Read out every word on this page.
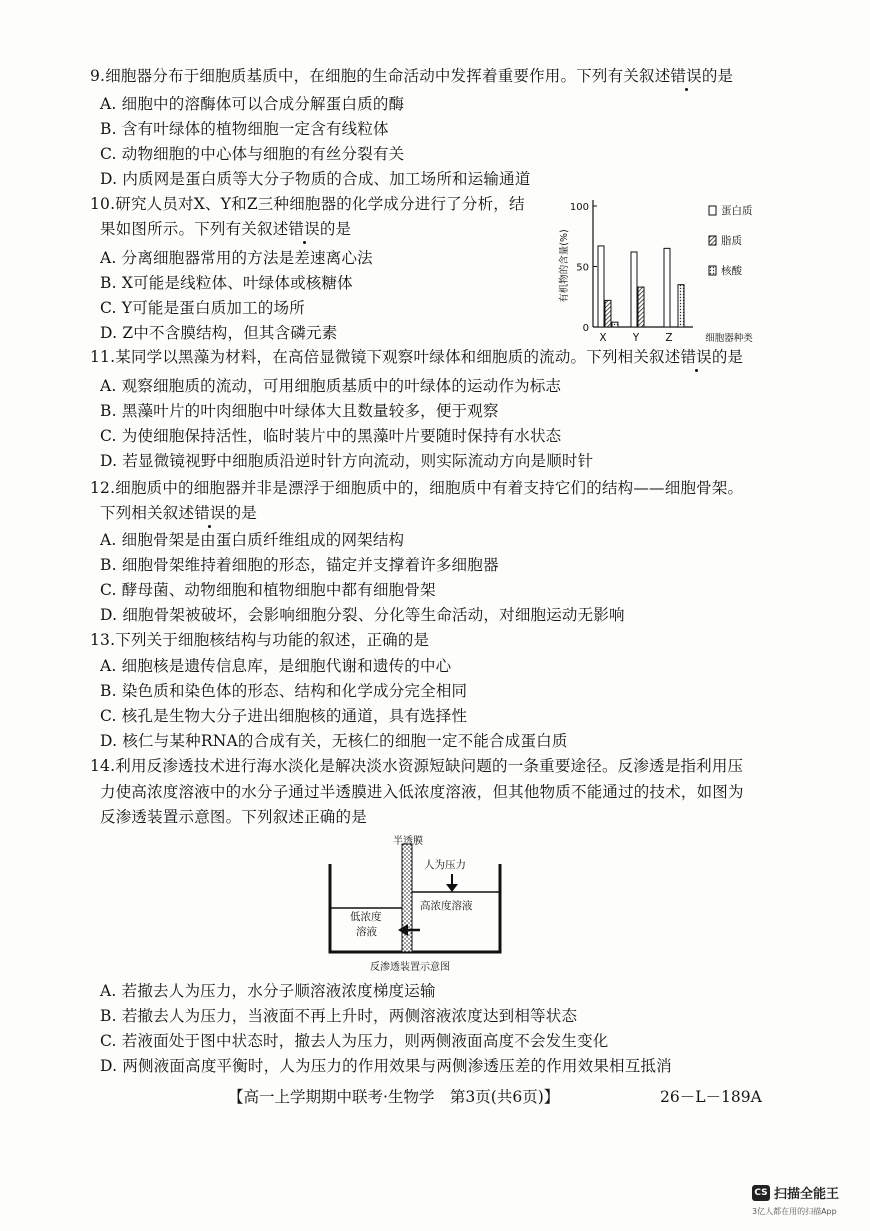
9.细胞器分布于细胞质基质中，在细胞的生命活动中发挥着重要作用。下列有关叙述错误的是
A. 细胞中的溶酶体可以合成分解蛋白质的酶
B. 含有叶绿体的植物细胞一定含有线粒体
C. 动物细胞的中心体与细胞的有丝分裂有关
D. 内质网是蛋白质等大分子物质的合成、加工场所和运输通道
10.研究人员对X、Y和Z三种细胞器的化学成分进行了分析，结
果如图所示。下列有关叙述错误的是
A. 分离细胞器常用的方法是差速离心法
B. X可能是线粒体、叶绿体或核糖体
C. Y可能是蛋白质加工的场所
D. Z中不含膜结构，但其含磷元素	0
50
100
有机物的含量(%)
X Y Z	细胞器种类
蛋白质
脂质
核酸
11.某同学以黑藻为材料，在高倍显微镜下观察叶绿体和细胞质的流动。下列相关叙述错误的是
A. 观察细胞质的流动，可用细胞质基质中的叶绿体的运动作为标志
B. 黑藻叶片的叶肉细胞中叶绿体大且数量较多，便于观察
C. 为使细胞保持活性，临时装片中的黑藻叶片要随时保持有水状态
D. 若显微镜视野中细胞质沿逆时针方向流动，则实际流动方向是顺时针
12.细胞质中的细胞器并非是漂浮于细胞质中的，细胞质中有着支持它们的结构——细胞骨架。
下列相关叙述错误的是
A. 细胞骨架是由蛋白质纤维组成的网架结构
B. 细胞骨架维持着细胞的形态，锚定并支撑着许多细胞器
C. 酵母菌、动物细胞和植物细胞中都有细胞骨架
D. 细胞骨架被破坏，会影响细胞分裂、分化等生命活动，对细胞运动无影响
13.下列关于细胞核结构与功能的叙述，正确的是
A. 细胞核是遗传信息库，是细胞代谢和遗传的中心
B. 染色质和染色体的形态、结构和化学成分完全相同
C. 核孔是生物大分子进出细胞核的通道，具有选择性
D. 核仁与某种RNA的合成有关，无核仁的细胞一定不能合成蛋白质
14.利用反渗透技术进行海水淡化是解决淡水资源短缺问题的一条重要途径。反渗透是指利用压
力使高浓度溶液中的水分子通过半透膜进入低浓度溶液，但其他物质不能通过的技术，如图为
反渗透装置示意图。下列叙述正确的是
半透膜
人为压力
高浓度溶液
低浓度
溶液
反渗透装置示意图
A. 若撤去人为压力，水分子顺溶液浓度梯度运输
B. 若撤去人为压力，当液面不再上升时，两侧溶液浓度达到相等状态
C. 若液面处于图中状态时，撤去人为压力，则两侧液面高度不会发生变化
D. 两侧液面高度平衡时，人为压力的作用效果与两侧渗透压差的作用效果相互抵消
【高一上学期期中联考·生物学　第3页(共6页)】	26－L－189A
CS 扫描全能王
3亿人都在用的扫描App
